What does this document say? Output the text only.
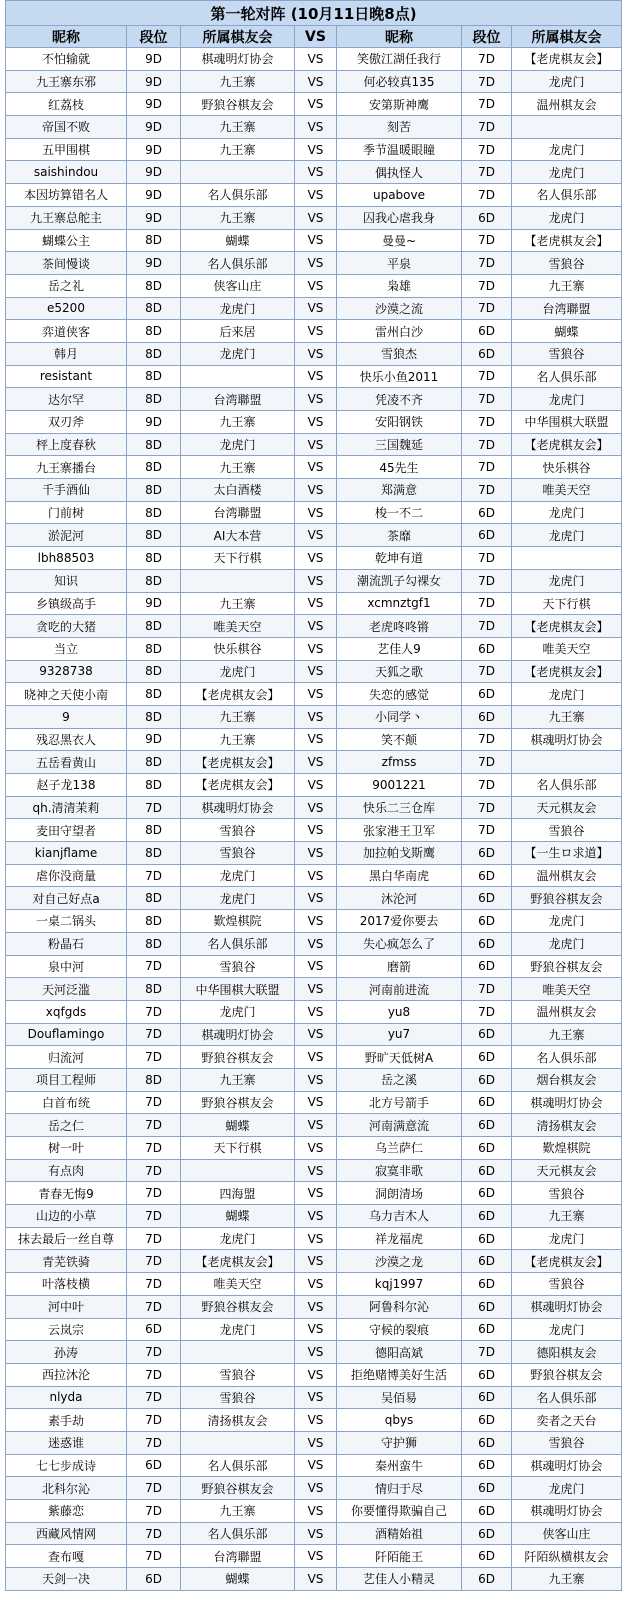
第一轮对阵 (10月11日晚8点)						
昵称	段位	所属棋友会	VS	昵称	段位	所属棋友会
不怕输就	9D	棋魂明灯协会	VS	笑傲江湖任我行	7D	【老虎棋友会】
九王寨东邪	9D	九王寨	VS	何必较真135	7D	龙虎门
红荔枝	9D	野狼谷棋友会	VS	安第斯神鹰	7D	温州棋友会
帝国不败	9D	九王寨	VS	刻苦	7D	
五甲围棋	9D	九王寨	VS	季节温暖眼瞳	7D	龙虎门
saishindou	9D		VS	偶执怪人	7D	龙虎门
本因坊算错名人	9D	名人俱乐部	VS	upabove	7D	名人俱乐部
九王寨总舵主	9D	九王寨	VS	囚我心虐我身	6D	龙虎门
蝴蝶公主	8D	蝴蝶	VS	曼曼~	7D	【老虎棋友会】
茶间慢谈	9D	名人俱乐部	VS	平泉	7D	雪狼谷
岳之礼	8D	侠客山庄	VS	枭雄	7D	九王寨
e5200	8D	龙虎门	VS	沙漠之流	7D	台湾聯盟
弈道侠客	8D	后来居	VS	雷州白沙	6D	蝴蝶
韩月	8D	龙虎门	VS	雪狼杰	6D	雪狼谷
resistant	8D		VS	快乐小鱼2011	7D	名人俱乐部
达尔罕	8D	台湾聯盟	VS	凭凌不齐	7D	龙虎门
双刃斧	9D	九王寨	VS	安阳钢铁	7D	中华围棋大联盟
枰上度春秋	8D	龙虎门	VS	三国魏延	7D	【老虎棋友会】
九王寨播台	8D	九王寨	VS	45先生	7D	快乐棋谷
千手酒仙	8D	太白酒楼	VS	郑满意	7D	唯美天空
门前树	8D	台湾聯盟	VS	梭一不二	6D	龙虎门
淤泥河	8D	AI大本营	VS	茶靡	6D	龙虎门
lbh88503	8D	天下行棋	VS	乾坤有道	7D	
知识	8D		VS	潮流凯子勾裸女	7D	龙虎门
乡镇级高手	9D	九王寨	VS	xcmnztgf1	7D	天下行棋
贪吃的大猪	8D	唯美天空	VS	老虎咚咚锵	7D	【老虎棋友会】
当立	8D	快乐棋谷	VS	艺佳人9	6D	唯美天空
9328738	8D	龙虎门	VS	天狐之歌	7D	【老虎棋友会】
晓神之天使小南	8D	【老虎棋友会】	VS	失恋的感觉	6D	龙虎门
9	8D	九王寨	VS	小同学丶	6D	九王寨
残忍黑衣人	9D	九王寨	VS	笑不颠	7D	棋魂明灯协会
五岳看黄山	8D	【老虎棋友会】	VS	zfmss	7D	
赵子龙138	8D	【老虎棋友会】	VS	9001221	7D	名人俱乐部
qh.清清茉莉	7D	棋魂明灯协会	VS	快乐二三仓库	7D	天元棋友会
麦田守望者	8D	雪狼谷	VS	张家港王卫军	7D	雪狼谷
kianjflame	8D	雪狼谷	VS	加拉帕戈斯鹰	6D	【一生ロ求道】
虐你没商量	7D	龙虎门	VS	黑白华南虎	6D	温州棋友会
对自己好点a	8D	龙虎门	VS	沐沦河	6D	野狼谷棋友会
一桌二锅头	8D	歎煌棋院	VS	2017爱你要去	6D	龙虎门
粉晶石	8D	名人俱乐部	VS	失心疯怎么了	6D	龙虎门
泉中河	7D	雪狼谷	VS	磨箭	6D	野狼谷棋友会
天河泛滥	8D	中华围棋大联盟	VS	河南前进流	7D	唯美天空
xqfgds	7D	龙虎门	VS	yu8	7D	温州棋友会
Douflamingo	7D	棋魂明灯协会	VS	yu7	6D	九王寨
归流河	7D	野狼谷棋友会	VS	野旷天低树A	6D	名人俱乐部
项目工程师	8D	九王寨	VS	岳之溪	6D	烟台棋友会
白首布统	7D	野狼谷棋友会	VS	北方号箭手	6D	棋魂明灯协会
岳之仁	7D	蝴蝶	VS	河南满意流	6D	清扬棋友会
树一叶	7D	天下行棋	VS	乌兰萨仁	6D	歎煌棋院
有点肉	7D		VS	寂寞非歌	6D	天元棋友会
青春无悔9	7D	四海盟	VS	洞朗清场	6D	雪狼谷
山边的小草	7D	蝴蝶	VS	乌力吉木人	6D	九王寨
抹去最后一丝自尊	7D	龙虎门	VS	祥龙福虎	6D	龙虎门
青芜铁骑	7D	【老虎棋友会】	VS	沙漠之龙	6D	【老虎棋友会】
叶落枝横	7D	唯美天空	VS	kqj1997	6D	雪狼谷
河中叶	7D	野狼谷棋友会	VS	阿鲁科尔沁	6D	棋魂明灯协会
云岚宗	6D	龙虎门	VS	守候的裂痕	6D	龙虎门
孙涛	7D		VS	德阳高斌	7D	德阳棋友会
西拉沐沦	7D	雪狼谷	VS	拒绝赌博美好生活	6D	野狼谷棋友会
nlyda	7D	雪狼谷	VS	吴佰易	6D	名人俱乐部
素手劫	7D	清扬棋友会	VS	qbys	6D	奕者之天台
迷惑谁	7D		VS	守护狮	6D	雪狼谷
七七步成诗	6D	名人俱乐部	VS	秦州蛮牛	6D	棋魂明灯协会
北科尔沁	7D	野狼谷棋友会	VS	情归于尽	6D	龙虎门
紫藤恋	7D	九王寨	VS	你要懂得欺骗自己	6D	棋魂明灯协会
西藏风情网	7D	名人俱乐部	VS	酒精始祖	6D	侠客山庄
查布嘎	7D	台湾聯盟	VS	阡陌能王	6D	阡陌纵横棋友会
天剑一决	6D	蝴蝶	VS	艺佳人小精灵	6D	九王寨
